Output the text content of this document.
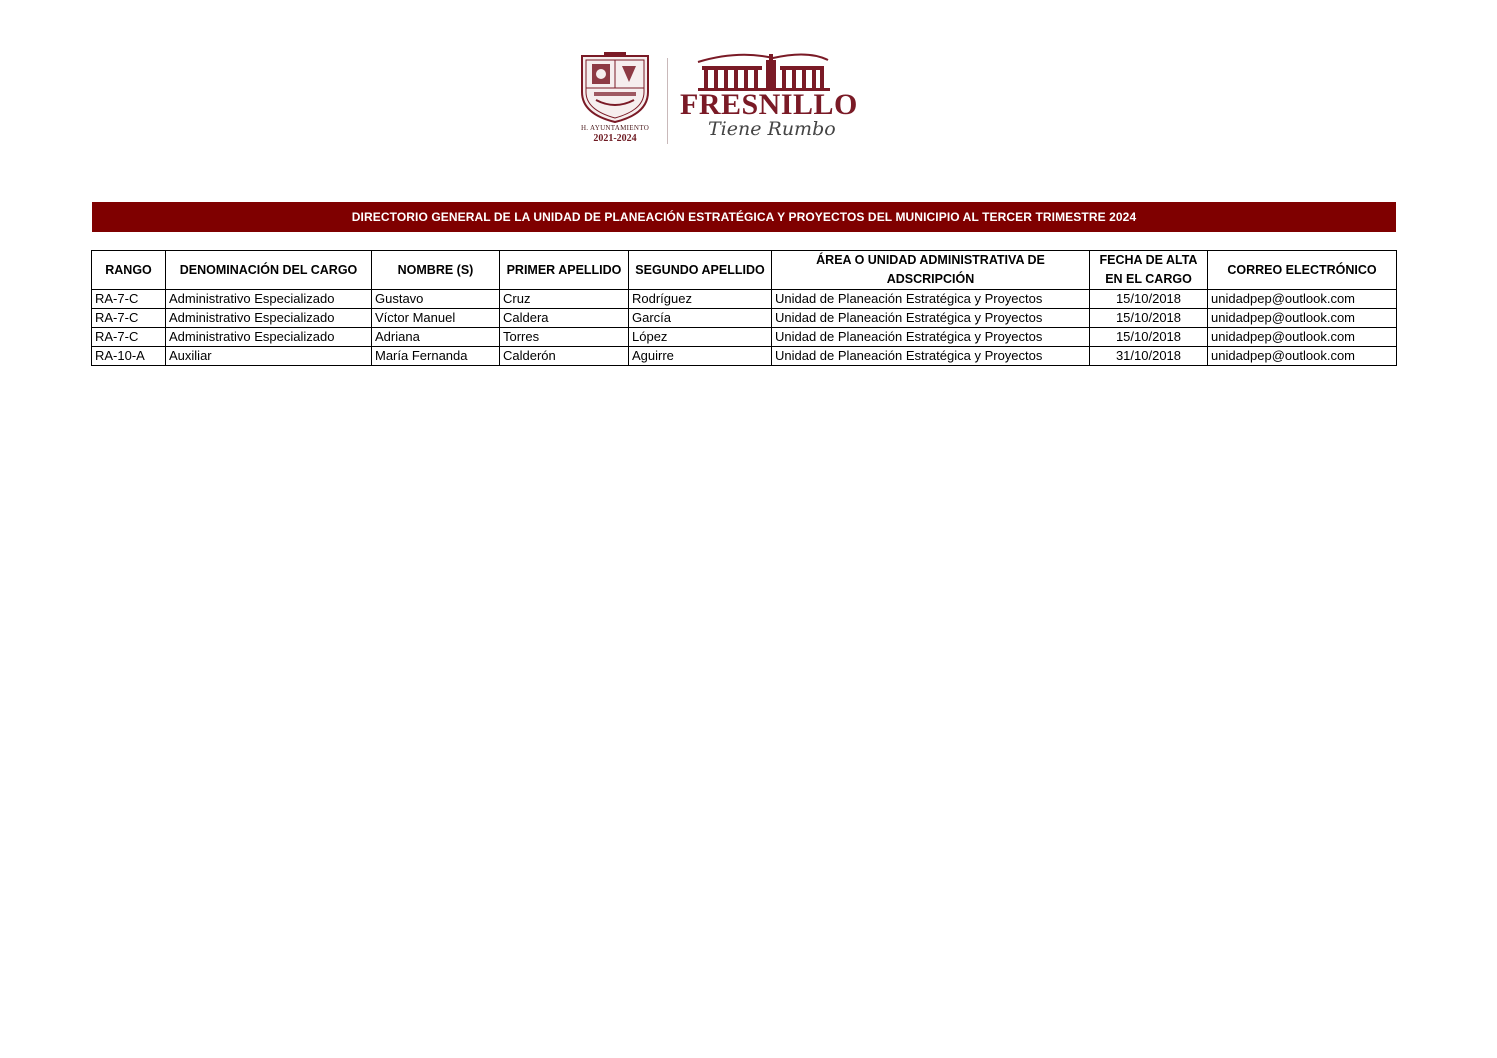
H. AYUNTAMIENTO
2021-2024
FRESNILLO
Tiene Rumbo
DIRECTORIO GENERAL DE LA UNIDAD DE PLANEACIÓN ESTRATÉGICA Y PROYECTOS DEL MUNICIPIO AL TERCER TRIMESTRE 2024
RANGO	DENOMINACIÓN DEL CARGO	NOMBRE (S)	PRIMER APELLIDO	SEGUNDO APELLIDO	ÁREA O UNIDAD ADMINISTRATIVA DE ADSCRIPCIÓN	FECHA DE ALTA EN EL CARGO	CORREO ELECTRÓNICO
RA-7-C	Administrativo Especializado	Gustavo	Cruz	Rodríguez	Unidad de Planeación Estratégica y Proyectos	15/10/2018	unidadpep@outlook.com
RA-7-C	Administrativo Especializado	Víctor Manuel	Caldera	García	Unidad de Planeación Estratégica y Proyectos	15/10/2018	unidadpep@outlook.com
RA-7-C	Administrativo Especializado	Adriana	Torres	López	Unidad de Planeación Estratégica y Proyectos	15/10/2018	unidadpep@outlook.com
RA-10-A	Auxiliar	María Fernanda	Calderón	Aguirre	Unidad de Planeación Estratégica y Proyectos	31/10/2018	unidadpep@outlook.com
